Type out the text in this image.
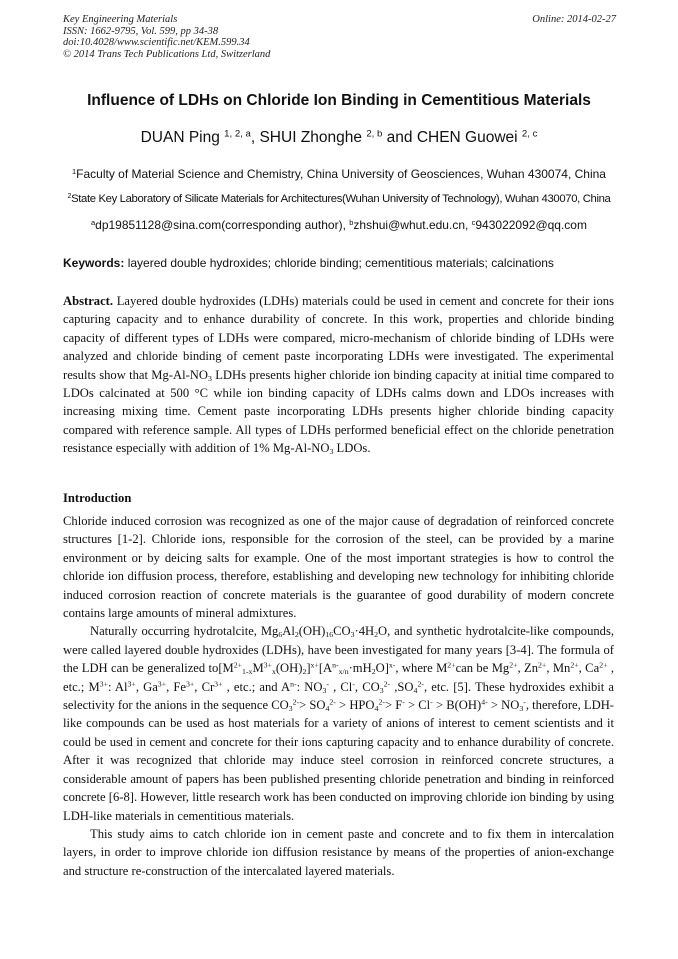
Key Engineering Materials
ISSN: 1662-9795, Vol. 599, pp 34-38
doi:10.4028/www.scientific.net/KEM.599.34
© 2014 Trans Tech Publications Ltd, Switzerland
Online: 2014-02-27
Influence of LDHs on Chloride Ion Binding in Cementitious Materials
DUAN Ping $^{1, 2, a}$, SHUI Zhonghe $^{2, b}$ and CHEN Guowei $^{2, c}$
$^1$Faculty of Material Science and Chemistry, China University of Geosciences, Wuhan 430074, China
$^2$State Key Laboratory of Silicate Materials for Architectures(Wuhan University of Technology), Wuhan 430070, China
$^a$dp19851128@sina.com(corresponding author), $^b$zhshui@whut.edu.cn, $^c$943022092@qq.com
Keywords: layered double hydroxides; chloride binding; cementitious materials; calcinations

Abstract. Layered double hydroxides (LDHs) materials could be used in cement and concrete for their ions capturing capacity and to enhance durability of concrete. In this work, properties and chloride binding capacity of different types of LDHs were compared, micro-mechanism of chloride binding of LDHs were analyzed and chloride binding of cement paste incorporating LDHs were investigated. The experimental results show that $Mg-Al-NO_3$ LDHs presents higher chloride ion binding capacity at initial time compared to LDOs calcinated at 500 °C while ion binding capacity of LDHs calms down and LDOs increases with increasing mixing time. Cement paste incorporating LDHs presents higher chloride binding capacity compared with reference sample. All types of LDHs performed beneficial effect on the chloride penetration resistance especially with addition of 1% $Mg-Al-NO_3$ LDOs.

Introduction

Chloride induced corrosion was recognized as one of the major cause of degradation of reinforced concrete structures [1-2]. Chloride ions, responsible for the corrosion of the steel, can be provided by a marine environment or by deicing salts for example. One of the most important strategies is how to control the chloride ion diffusion process, therefore, establishing and developing new technology for inhibiting chloride induced corrosion reaction of concrete materials is the guarantee of good durability of modern concrete contains large amounts of mineral admixtures.

Naturally occurring hydrotalcite, $Mg_6Al_2(OH)_{16}CO_3\cdot 4H_2O$, and synthetic hydrotalcite-like compounds, were called layered double hydroxides (LDHs), have been investigated for many years [3-4]. The formula of the LDH can be generalized $to[M^{2+}_{1-x}M^{3+}_x(OH)_2]^{x+}[A^{n-}_{x/n}\cdot mH_2O]^{x-}$, where $M^{2+}can$ be $Mg^{2+}$, $Zn^{2+}$, $Mn^{2+}$, $Ca^{2+}$ , etc.; $M^{3+}$: $Al^{3+}$, $Ga^{3+}$, $Fe^{3+}$, $Cr^{3+}$ , etc.; and $A^{n-}$: $NO_3^-$ , Cl-, $CO_3^{2-}$ $,SO_4^{2-}$, etc. [5]. These hydroxides exhibit a selectivity for the anions in the sequence $CO_3^{2-}> SO_4^{2-} > HPO_4^{2-}> F^- > Cl^- > B(OH)^{4-} > NO_3^-$, therefore, LDH-like compounds can be used as host materials for a variety of anions of interest to cement scientists and it could be used in cement and concrete for their ions capturing capacity and to enhance durability of concrete. After it was recognized that chloride may induce steel corrosion in reinforced concrete structures, a considerable amount of papers has been published presenting chloride penetration and binding in reinforced concrete [6-8]. However, little research work has been conducted on improving chloride ion binding by using LDH-like materials in cementitious materials.

This study aims to catch chloride ion in cement paste and concrete and to fix them in intercalation layers, in order to improve chloride ion diffusion resistance by means of the properties of anion-exchange and structure re-construction of the intercalated layered materials.
